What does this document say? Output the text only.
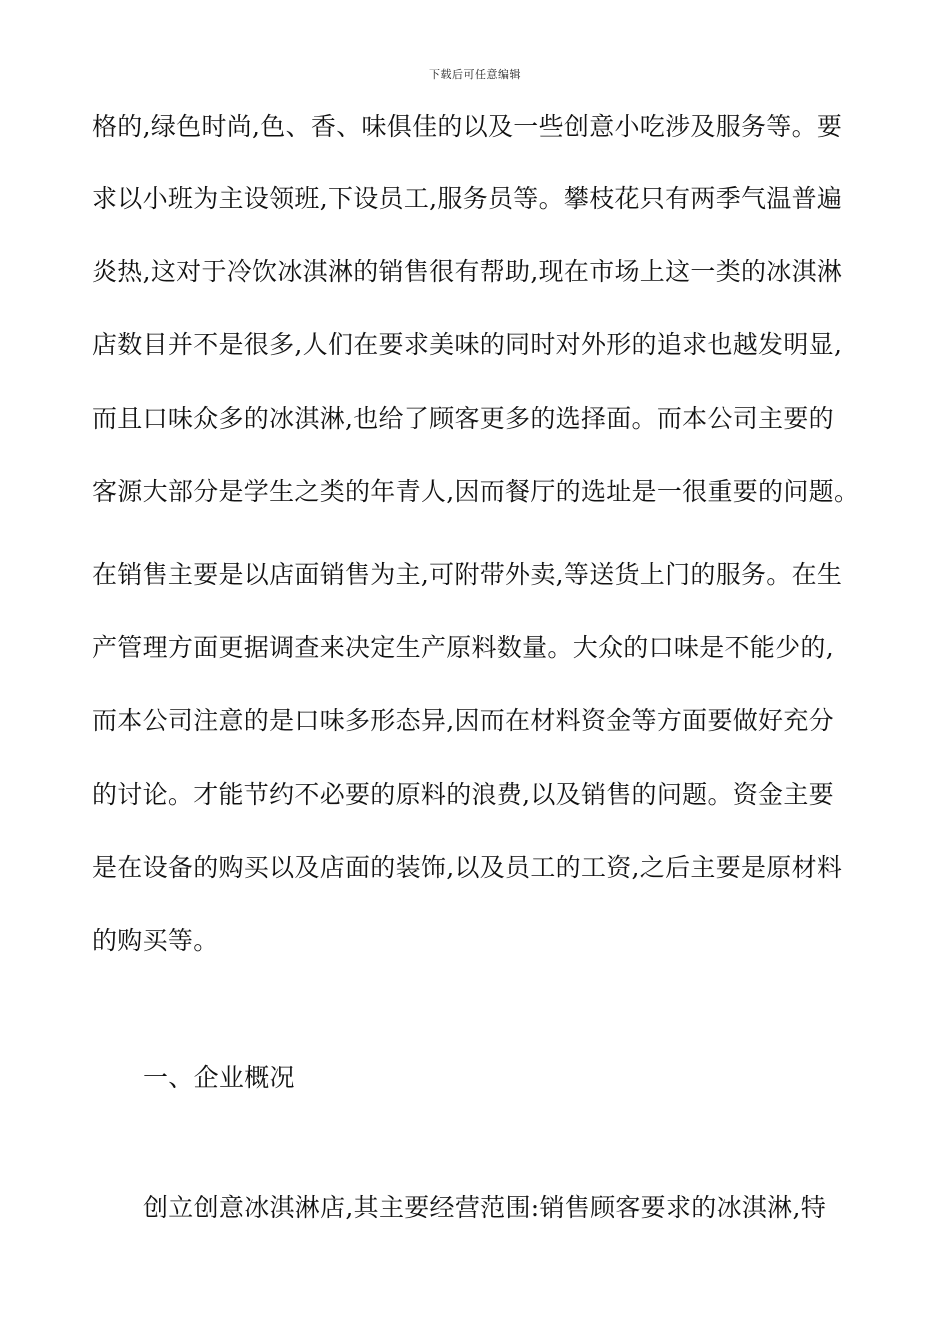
下载后可任意编辑
格的,绿色时尚,色、香、味俱佳的以及一些创意小吃涉及服务等。要
求以小班为主设领班,下设员工,服务员等。攀枝花只有两季气温普遍
炎热,这对于冷饮冰淇淋的销售很有帮助,现在市场上这一类的冰淇淋
店数目并不是很多,人们在要求美味的同时对外形的追求也越发明显,
而且口味众多的冰淇淋,也给了顾客更多的选择面。而本公司主要的
客源大部分是学生之类的年青人,因而餐厅的选址是一很重要的问题。
在销售主要是以店面销售为主,可附带外卖,等送货上门的服务。在生
产管理方面更据调查来决定生产原料数量。大众的口味是不能少的,
而本公司注意的是口味多形态异,因而在材料资金等方面要做好充分
的讨论。才能节约不必要的原料的浪费,以及销售的问题。资金主要
是在设备的购买以及店面的装饰,以及员工的工资,之后主要是原材料
的购买等。
一、企业概况
创立创意冰淇淋店,其主要经营范围:销售顾客要求的冰淇淋,特
